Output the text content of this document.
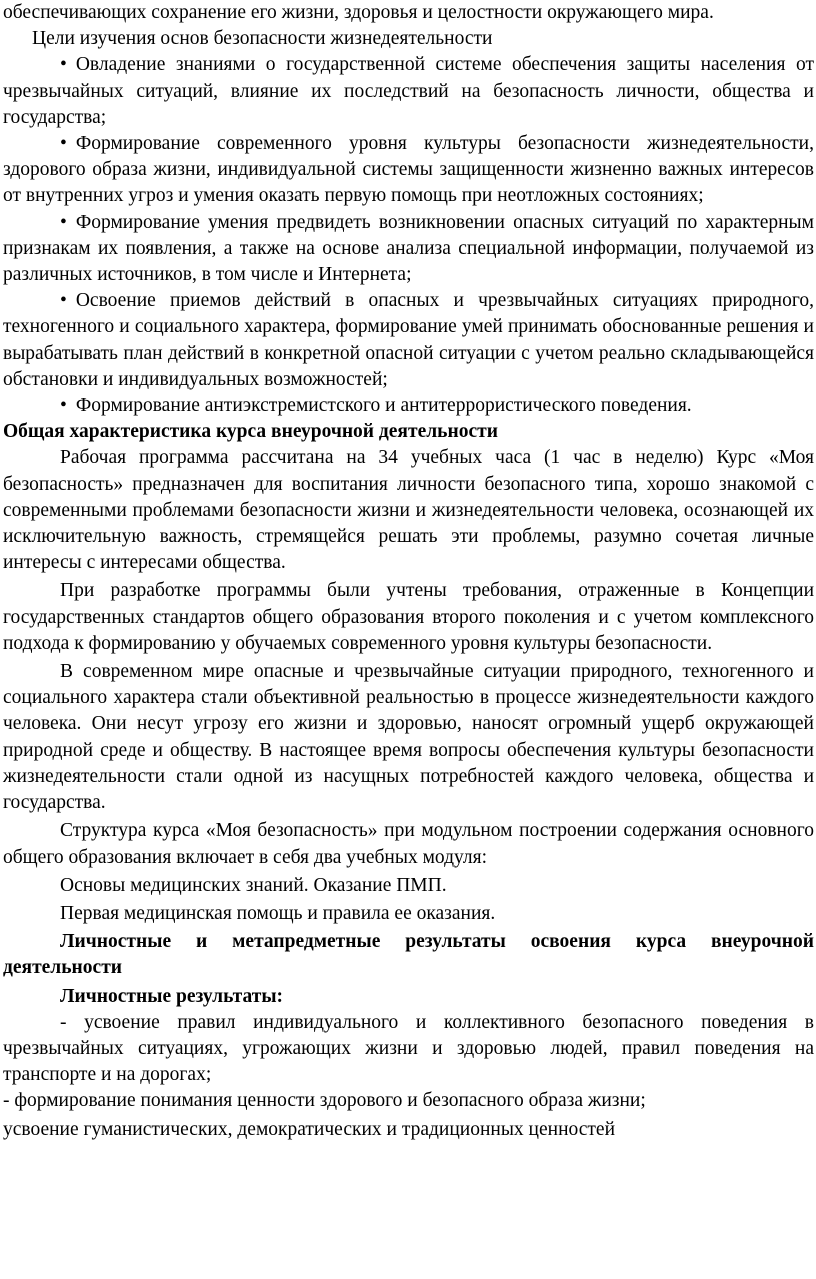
обеспечивающих сохранение его жизни, здоровья и целостности окружающего мира.

Цели изучения основ безопасности жизнедеятельности

• Овладение знаниями о государственной системе обеспечения защиты населения от чрезвычайных ситуаций, влияние их последствий на безопасность личности, общества и государства;

• Формирование современного уровня культуры безопасности жизнедеятельности, здорового образа жизни, индивидуальной системы защищенности жизненно важных интересов от внутренних угроз и умения оказать первую помощь при неотложных состояниях;

• Формирование умения предвидеть возникновении опасных ситуаций по характерным признакам их появления, а также на основе анализа специальной информации, получаемой из различных источников, в том числе и Интернета;

• Освоение приемов действий в опасных и чрезвычайных ситуациях природного, техногенного и социального характера, формирование умей принимать обоснованные решения и вырабатывать план действий в конкретной опасной ситуации с учетом реально складывающейся обстановки и индивидуальных возможностей;

• Формирование антиэкстремистского и антитеррористического поведения.

Общая характеристика курса внеурочной деятельности

Рабочая программа рассчитана на 34 учебных часа (1 час в неделю) Курс «Моя безопасность» предназначен для воспитания личности безопасного типа, хорошо знакомой с современными проблемами безопасности жизни и жизнедеятельности человека, осознающей их исключительную важность, стремящейся решать эти проблемы, разумно сочетая личные интересы с интересами общества.

При разработке программы были учтены требования, отраженные в Концепции государственных стандартов общего образования второго поколения и с учетом комплексного подхода к формированию у обучаемых современного уровня культуры безопасности.

В современном мире опасные и чрезвычайные ситуации природного, техногенного и социального характера стали объективной реальностью в процессе жизнедеятельности каждого человека. Они несут угрозу его жизни и здоровью, наносят огромный ущерб окружающей природной среде и обществу. В настоящее время вопросы обеспечения культуры безопасности жизнедеятельности стали одной из насущных потребностей каждого человека, общества и государства.

Структура курса «Моя безопасность» при модульном построении содержания основного общего образования включает в себя два учебных модуля:

Основы медицинских знаний. Оказание ПМП.

Первая медицинская помощь и правила ее оказания.

Личностные и метапредметные результаты освоения курса внеурочной деятельности

Личностные результаты:

- усвоение правил индивидуального и коллективного безопасного поведения в чрезвычайных ситуациях, угрожающих жизни и здоровью людей, правил поведения на транспорте и на дорогах;

- формирование понимания ценности здорового и безопасного образа жизни;

усвоение гуманистических, демократических и традиционных ценностей
